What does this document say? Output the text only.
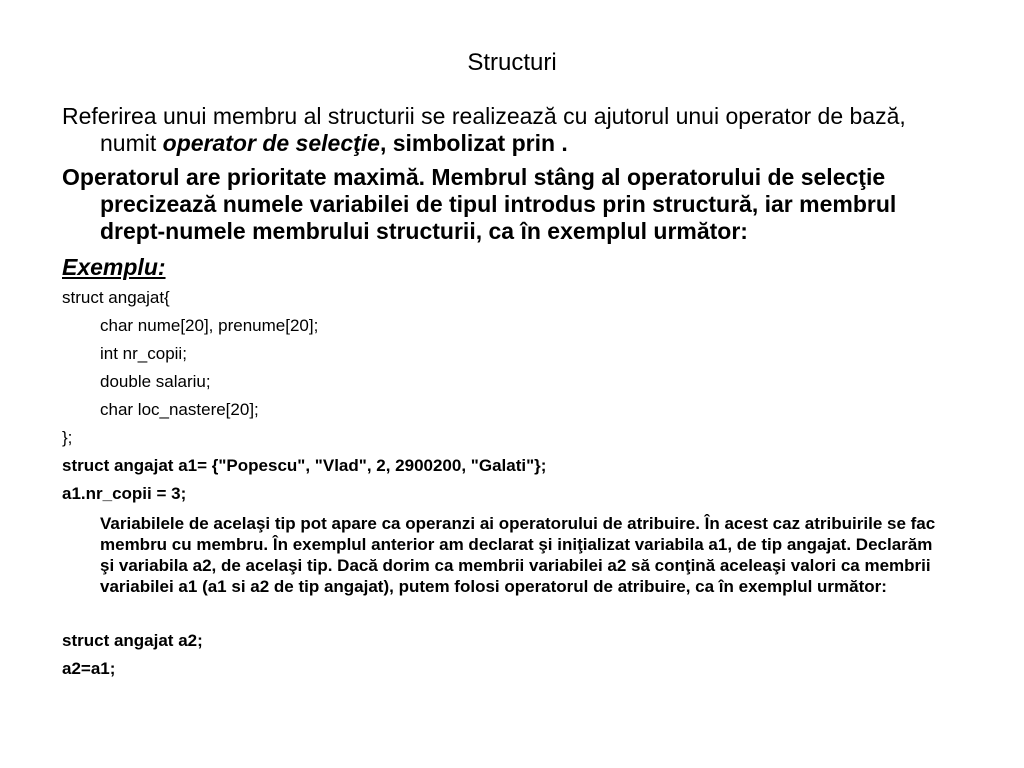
Structuri

Referirea unui membru al structurii se realizează cu ajutorul unui operator de bază, numit operator de selecţie, simbolizat prin .

Operatorul are prioritate maximă. Membrul stâng al operatorului de selecţie precizează numele variabilei de tipul introdus prin structură, iar membrul drept-numele membrului structurii, ca în exemplul următor:

Exemplu:
struct angajat{
char nume[20], prenume[20];
int nr_copii;
double salariu;
char loc_nastere[20];
};
struct angajat a1= {"Popescu", "Vlad", 2, 2900200, "Galati"};
a1.nr_copii = 3;
Variabilele de acelaşi tip pot apare ca operanzi ai operatorului de atribuire. În acest caz atribuirile se fac membru cu membru. În exemplul anterior am declarat şi iniţializat variabila a1, de tip angajat. Declarăm şi variabila a2, de acelaşi tip. Dacă dorim ca membrii variabilei a2 să conţină aceleaşi valori ca membrii variabilei a1 (a1 si a2 de tip angajat), putem folosi operatorul de atribuire, ca în exemplul următor:
struct angajat a2;
a2=a1;
